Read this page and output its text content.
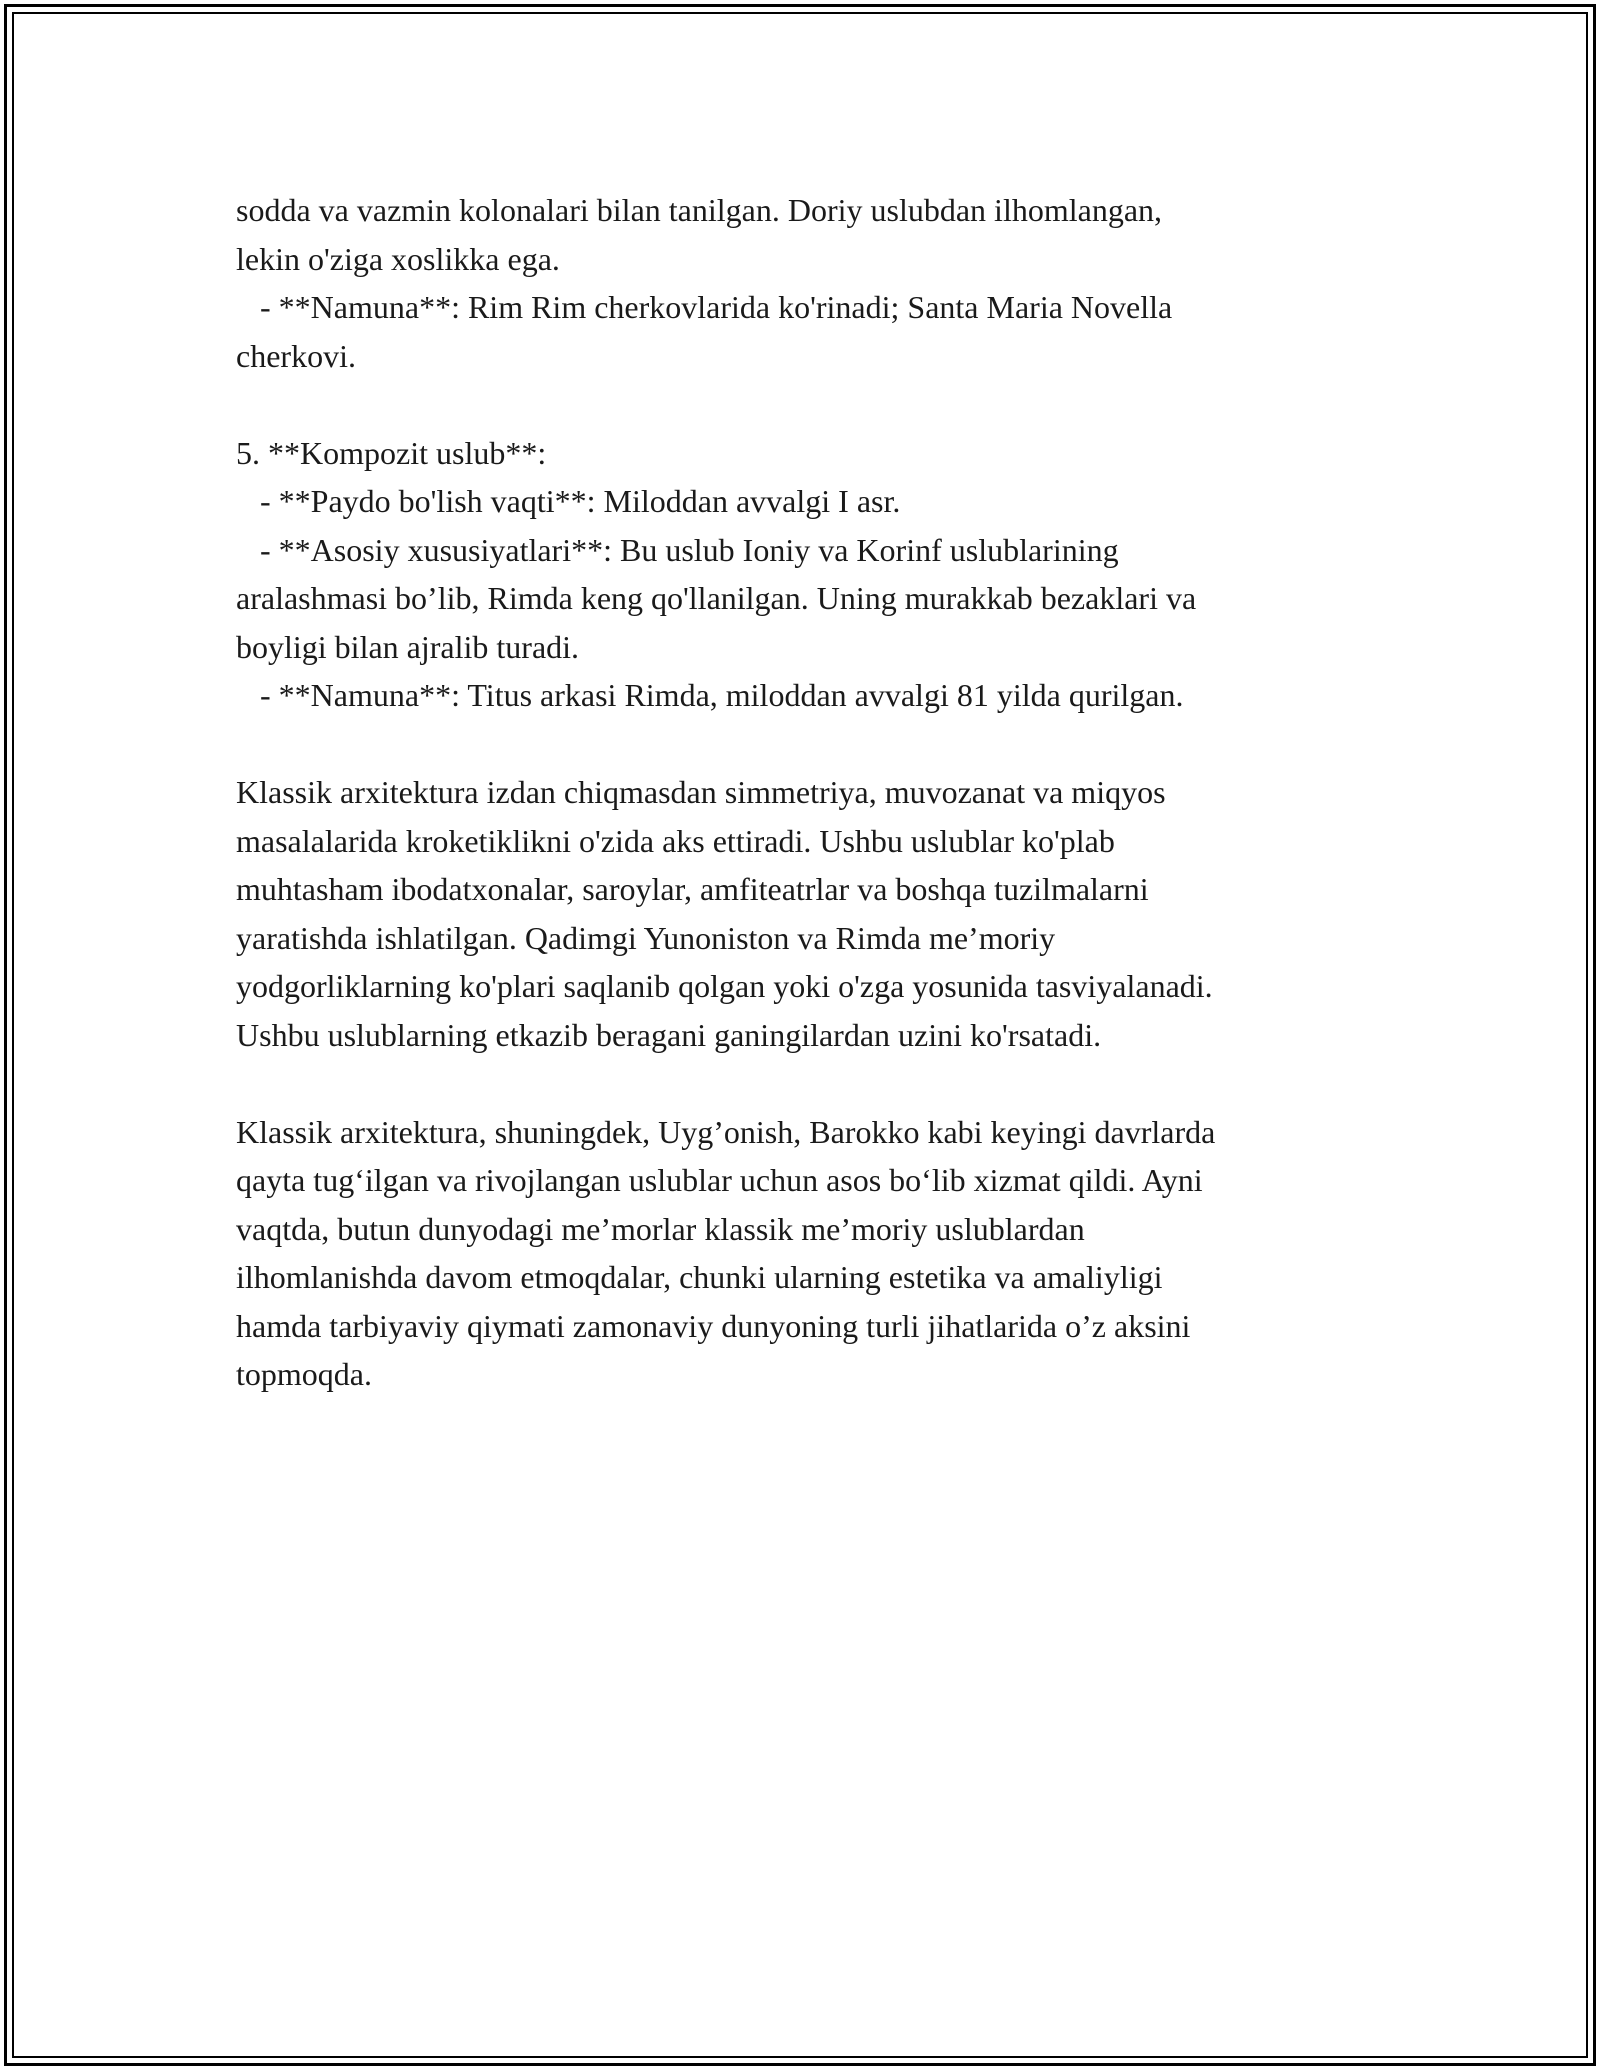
sodda va vazmin kolonalari bilan tanilgan. Doriy uslubdan ilhomlangan,
lekin o'ziga xoslikka ega.
- **Namuna**: Rim Rim cherkovlarida ko'rinadi; Santa Maria Novella
cherkovi.
5. **Kompozit uslub**:
- **Paydo bo'lish vaqti**: Miloddan avvalgi I asr.
- **Asosiy xususiyatlari**: Bu uslub Ioniy va Korinf uslublarining
aralashmasi bo’lib, Rimda keng qo'llanilgan. Uning murakkab bezaklari va
boyligi bilan ajralib turadi.
- **Namuna**: Titus arkasi Rimda, miloddan avvalgi 81 yilda qurilgan.
Klassik arxitektura izdan chiqmasdan simmetriya, muvozanat va miqyos
masalalarida kroketiklikni o'zida aks ettiradi. Ushbu uslublar ko'plab
muhtasham ibodatxonalar, saroylar, amfiteatrlar va boshqa tuzilmalarni
yaratishda ishlatilgan. Qadimgi Yunoniston va Rimda me’moriy
yodgorliklarning ko'plari saqlanib qolgan yoki o'zga yosunida tasviyalanadi.
Ushbu uslublarning etkazib beragani ganingilardan uzini ko'rsatadi.
Klassik arxitektura, shuningdek, Uyg’onish, Barokko kabi keyingi davrlarda
qayta tug‘ilgan va rivojlangan uslublar uchun asos bo‘lib xizmat qildi. Ayni
vaqtda, butun dunyodagi me’morlar klassik me’moriy uslublardan
ilhomlanishda davom etmoqdalar, chunki ularning estetika va amaliyligi
hamda tarbiyaviy qiymati zamonaviy dunyoning turli jihatlarida o’z aksini
topmoqda.
